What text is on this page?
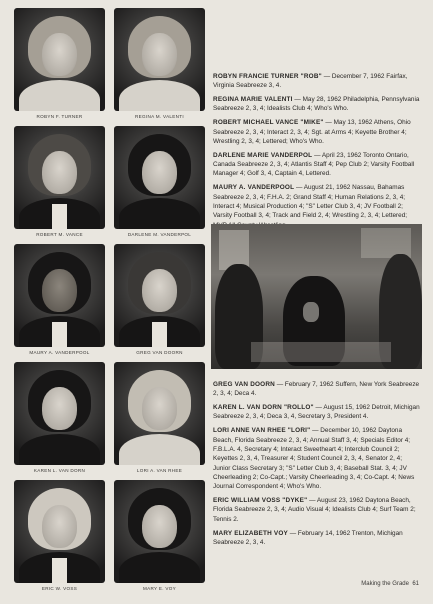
ROBYN F. TURNER	REGINA M. VALENTI
ROBERT M. VANCE	DARLENE M. VANDERPOL
MAURY A. VANDERPOOL	GREG VAN DOORN
KAREN L. VAN DORN	LORI A. VAN RHEE
ERIC W. VOSS	MARY E. VOY

ROBYN FRANCIE TURNER "ROB" — December 7, 1962 Fairfax, Virginia Seabreeze 3, 4.

REGINA MARIE VALENTI — May 28, 1962 Philadelphia, Pennsylvania Seabreeze 2, 3, 4; Idealists Club 4; Who's Who.

ROBERT MICHAEL VANCE "MIKE" — May 13, 1962 Athens, Ohio Seabreeze 2, 3, 4; Interact 2, 3, 4; Sgt. at Arms 4; Keyette Brother 4; Wrestling 2, 3, 4; Lettered; Who's Who.

DARLENE MARIE VANDERPOL — April 23, 1962 Toronto Ontario, Canada Seabreeze 2, 3, 4; Atlantis Staff 4; Pep Club 2; Varsity Football Manager 4; Golf 3, 4, Captain 4, Lettered.

MAURY A. VANDERPOOL — August 21, 1962 Nassau, Bahamas Seabreeze 2, 3, 4; F.H.A. 2; Grand Staff 4; Human Relations 2, 3, 4; Interact 4; Musical Production 4; "S" Letter Club 3, 4; JV Football 2; Varsity Football 3, 4; Track and Field 2, 4; Wrestling 2, 3, 4; Lettered;

GREG VAN DOORN — February 7, 1962 Suffern, New York Seabreeze 2, 3, 4; Deca 4.

KAREN L. VAN DORN "ROLLO" — August 15, 1962 Detroit, Michigan Seabreeze 2, 3, 4; Deca 3, 4, Secretary 3, President 4.

LORI ANNE VAN RHEE "LORI" — December 10, 1962 Daytona Beach, Florida Seabreeze 2, 3, 4; Annual Staff 3, 4; Specials Editor 4; F.B.L.A. 4, Secretary 4; Interact Sweetheart 4; Interclub Council 2; Keyettes 2, 3, 4, Treasurer 4; Student Council 2, 3, 4, Senator 2, 4; Junior Class Secretary 3; "S" Letter Club 3, 4; Baseball Stat. 3, 4; JV Cheerleading 2; Co-Capt.; Varsity Cheerleading 3, 4; Co-Capt. 4; News Journal Correspondent 4; Who's Who.

ERIC WILLIAM VOSS "DYKE" — August 23, 1962 Daytona Beach, Florida Seabreeze 2, 3, 4; Audio Visual 4; Idealists Club 4; Surf Team 2; Tennis 2.

MARY ELIZABETH VOY — February 14, 1962 Trenton, Michigan Seabreeze 2, 3, 4.

Making the Grade 61
